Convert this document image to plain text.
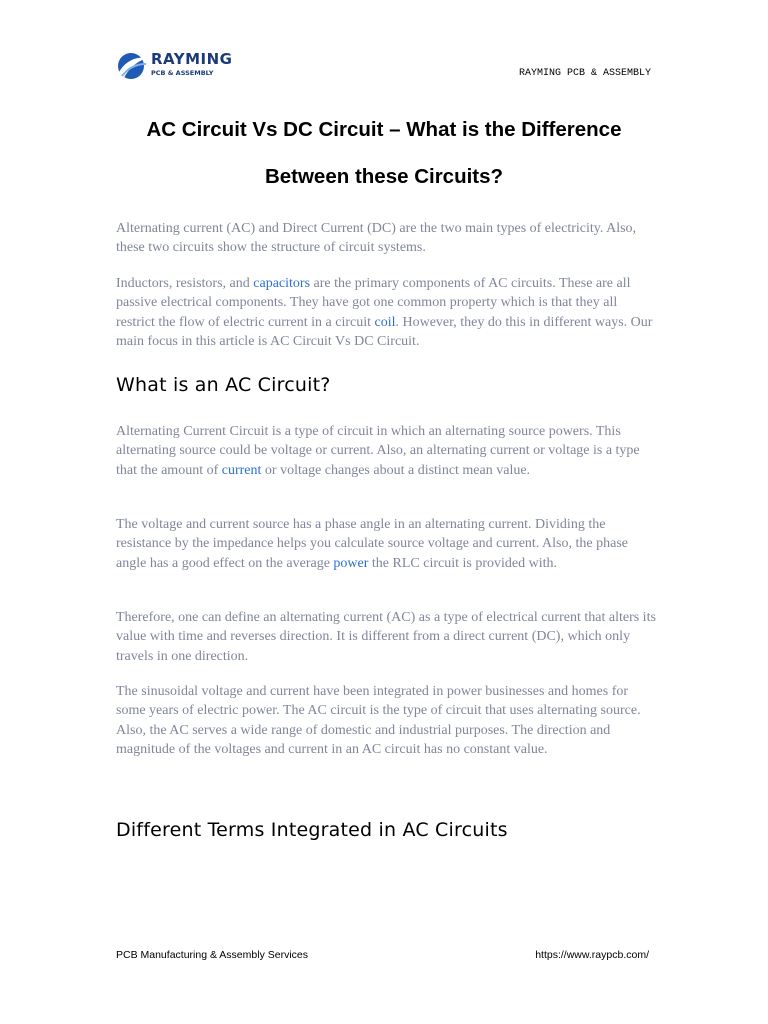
RAYMING
PCB & ASSEMBLY	RAYMING PCB & ASSEMBLY
AC Circuit Vs DC Circuit – What is the Difference
Between these Circuits?
Alternating current (AC) and Direct Current (DC) are the two main types of electricity. Also, these two circuits show the structure of circuit systems.
Inductors, resistors, and capacitors are the primary components of AC circuits. These are all passive electrical components. They have got one common property which is that they all restrict the flow of electric current in a circuit coil. However, they do this in different ways. Our main focus in this article is AC Circuit Vs DC Circuit.
What is an AC Circuit?
Alternating Current Circuit is a type of circuit in which an alternating source powers. This alternating source could be voltage or current. Also, an alternating current or voltage is a type that the amount of current or voltage changes about a distinct mean value.
The voltage and current source has a phase angle in an alternating current. Dividing the resistance by the impedance helps you calculate source voltage and current. Also, the phase angle has a good effect on the average power the RLC circuit is provided with.
Therefore, one can define an alternating current (AC) as a type of electrical current that alters its value with time and reverses direction. It is different from a direct current (DC), which only travels in one direction.
The sinusoidal voltage and current have been integrated in power businesses and homes for some years of electric power. The AC circuit is the type of circuit that uses alternating source. Also, the AC serves a wide range of domestic and industrial purposes. The direction and magnitude of the voltages and current in an AC circuit has no constant value.
Different Terms Integrated in AC Circuits
PCB Manufacturing & Assembly Services	https://www.raypcb.com/
